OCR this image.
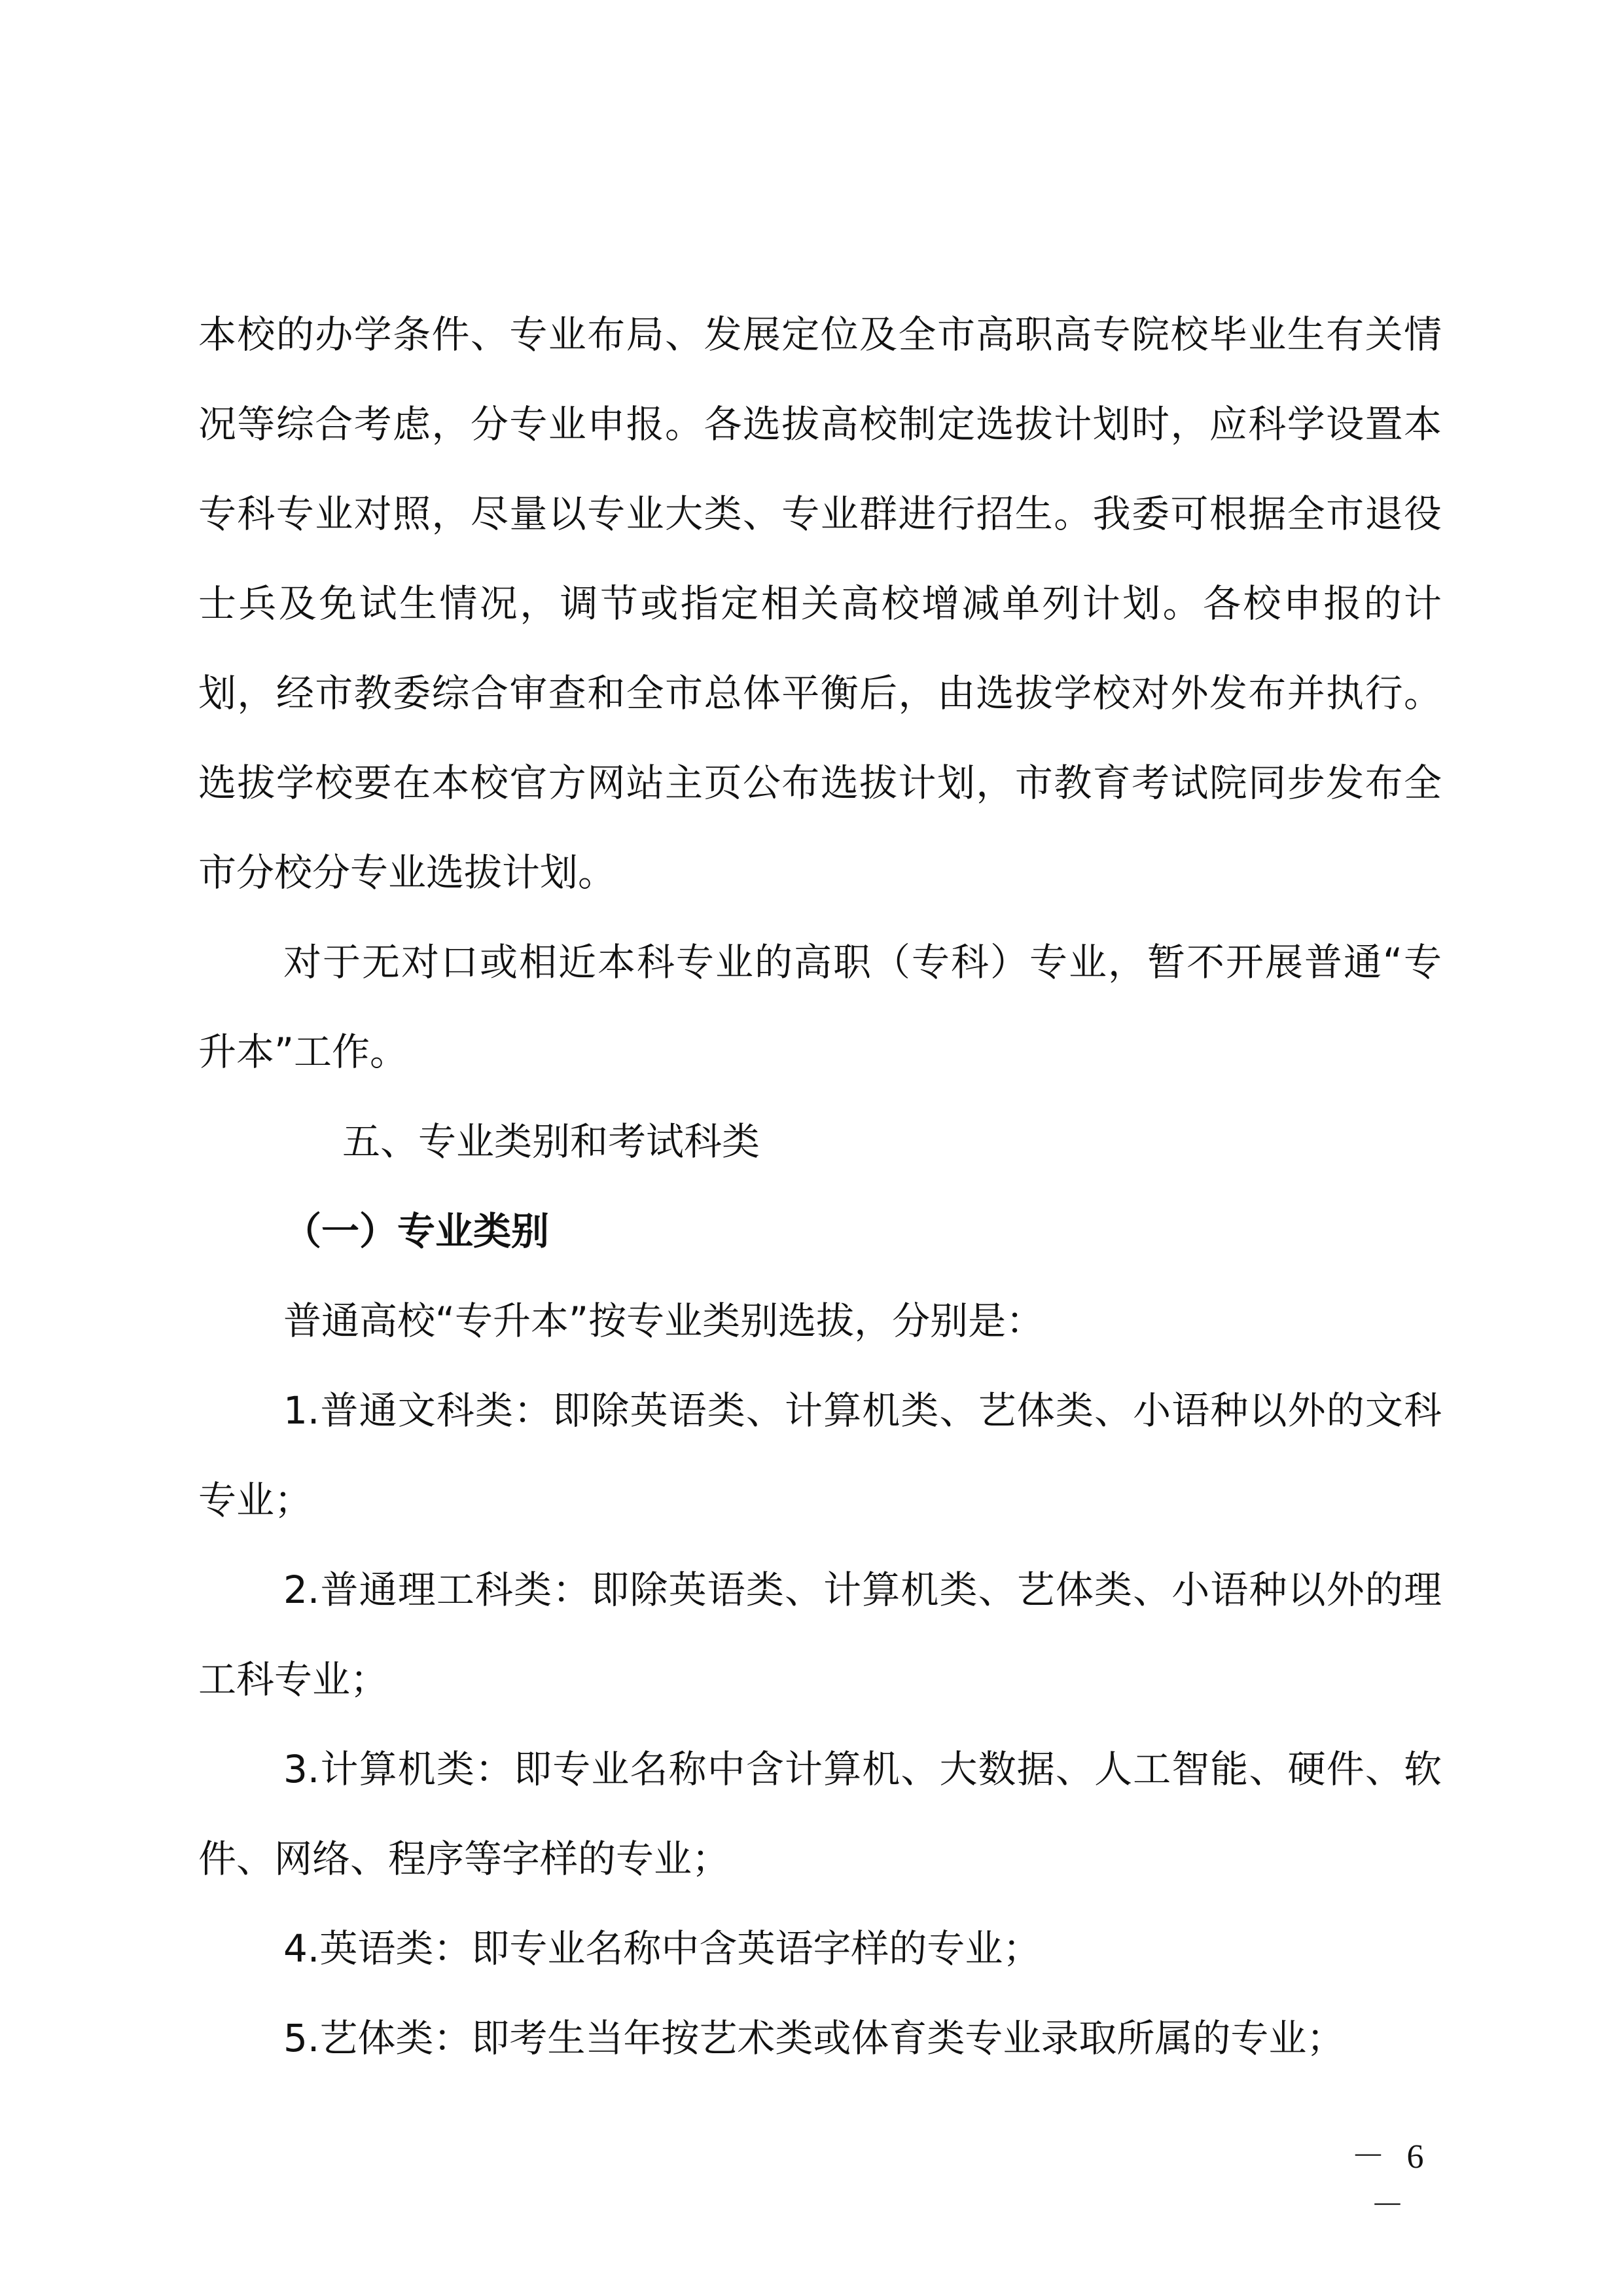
本校的办学条件、专业布局、发展定位及全市高职高专院校毕业生有关情况等综合考虑，分专业申报。各选拔高校制定选拔计划时，应科学设置本专科专业对照，尽量以专业大类、专业群进行招生。我委可根据全市退役士兵及免试生情况，调节或指定相关高校增减单列计划。各校申报的计划，经市教委综合审查和全市总体平衡后，由选拔学校对外发布并执行。选拔学校要在本校官方网站主页公布选拔计划，市教育考试院同步发布全市分校分专业选拔计划。

对于无对口或相近本科专业的高职（专科）专业，暂不开展普通“专升本”工作。

五、专业类别和考试科类

（一）专业类别

普通高校“专升本”按专业类别选拔，分别是：

1.普通文科类：即除英语类、计算机类、艺体类、小语种以外的文科专业；

2.普通理工科类：即除英语类、计算机类、艺体类、小语种以外的理工科专业；

3.计算机类：即专业名称中含计算机、大数据、人工智能、硬件、软件、网络、程序等字样的专业；

4.英语类：即专业名称中含英语字样的专业；

5.艺体类：即考生当年按艺术类或体育类专业录取所属的专业；

－ 6 －
